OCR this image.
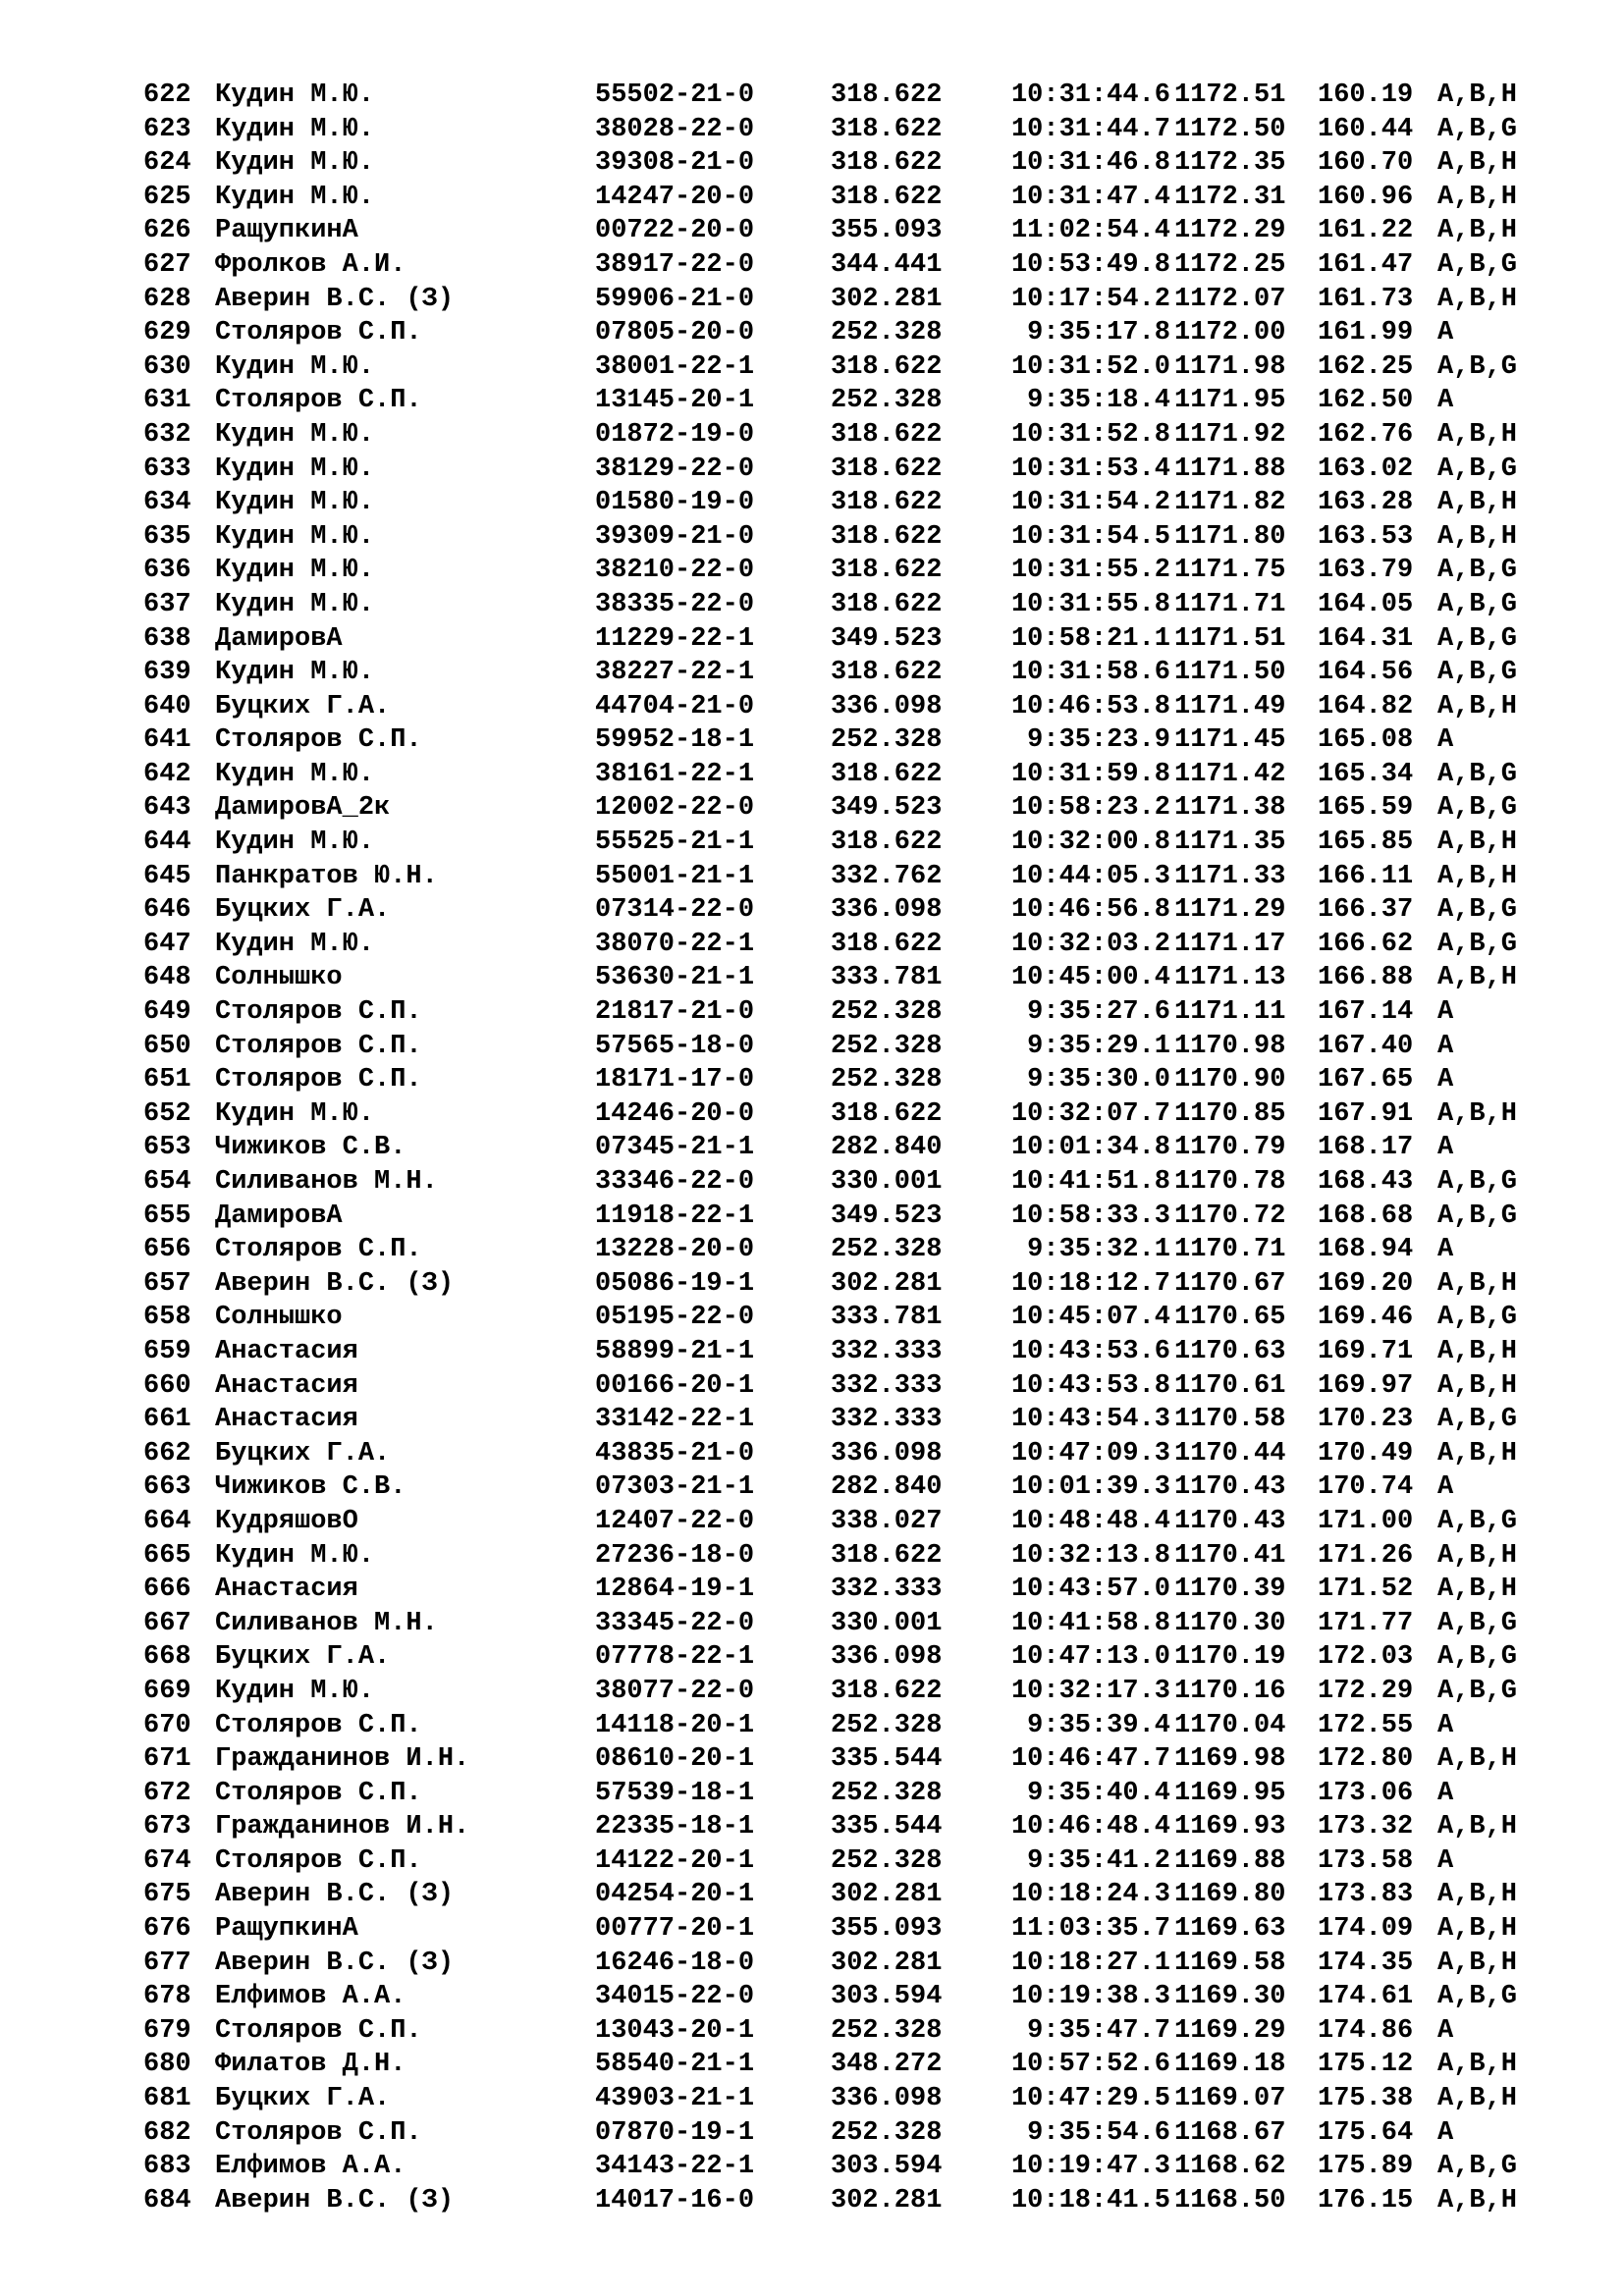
622 Кудин М.Ю.	55502-21-0	318.622	10:31:44.6 1172.51 160.19 A,B,H
623 Кудин М.Ю.	38028-22-0	318.622	10:31:44.7 1172.50 160.44 A,B,G
624 Кудин М.Ю.	39308-21-0	318.622	10:31:46.8 1172.35 160.70 A,B,H
625 Кудин М.Ю.	14247-20-0	318.622	10:31:47.4 1172.31 160.96 A,B,H
626 РащупкинА	00722-20-0	355.093	11:02:54.4 1172.29 161.22 A,B,H
627 Фролков А.И.	38917-22-0	344.441	10:53:49.8 1172.25 161.47 A,B,G
628 Аверин В.С. (З)	59906-21-0	302.281	10:17:54.2 1172.07 161.73 A,B,H
629 Столяров С.П.	07805-20-0	252.328	9:35:17.8 1172.00 161.99 A
630 Кудин М.Ю.	38001-22-1	318.622	10:31:52.0 1171.98 162.25 A,B,G
631 Столяров С.П.	13145-20-1	252.328	9:35:18.4 1171.95 162.50 A
632 Кудин М.Ю.	01872-19-0	318.622	10:31:52.8 1171.92 162.76 A,B,H
633 Кудин М.Ю.	38129-22-0	318.622	10:31:53.4 1171.88 163.02 A,B,G
634 Кудин М.Ю.	01580-19-0	318.622	10:31:54.2 1171.82 163.28 A,B,H
635 Кудин М.Ю.	39309-21-0	318.622	10:31:54.5 1171.80 163.53 A,B,H
636 Кудин М.Ю.	38210-22-0	318.622	10:31:55.2 1171.75 163.79 A,B,G
637 Кудин М.Ю.	38335-22-0	318.622	10:31:55.8 1171.71 164.05 A,B,G
638 ДамировА	11229-22-1	349.523	10:58:21.1 1171.51 164.31 A,B,G
639 Кудин М.Ю.	38227-22-1	318.622	10:31:58.6 1171.50 164.56 A,B,G
640 Буцких Г.А.	44704-21-0	336.098	10:46:53.8 1171.49 164.82 A,B,H
641 Столяров С.П.	59952-18-1	252.328	9:35:23.9 1171.45 165.08 A
642 Кудин М.Ю.	38161-22-1	318.622	10:31:59.8 1171.42 165.34 A,B,G
643 ДамировА_2к	12002-22-0	349.523	10:58:23.2 1171.38 165.59 A,B,G
644 Кудин М.Ю.	55525-21-1	318.622	10:32:00.8 1171.35 165.85 A,B,H
645 Панкратов Ю.Н.	55001-21-1	332.762	10:44:05.3 1171.33 166.11 A,B,H
646 Буцких Г.А.	07314-22-0	336.098	10:46:56.8 1171.29 166.37 A,B,G
647 Кудин М.Ю.	38070-22-1	318.622	10:32:03.2 1171.17 166.62 A,B,G
648 Солнышко	53630-21-1	333.781	10:45:00.4 1171.13 166.88 A,B,H
649 Столяров С.П.	21817-21-0	252.328	9:35:27.6 1171.11 167.14 A
650 Столяров С.П.	57565-18-0	252.328	9:35:29.1 1170.98 167.40 A
651 Столяров С.П.	18171-17-0	252.328	9:35:30.0 1170.90 167.65 A
652 Кудин М.Ю.	14246-20-0	318.622	10:32:07.7 1170.85 167.91 A,B,H
653 Чижиков С.В.	07345-21-1	282.840	10:01:34.8 1170.79 168.17 A
654 Силиванов М.Н.	33346-22-0	330.001	10:41:51.8 1170.78 168.43 A,B,G
655 ДамировА	11918-22-1	349.523	10:58:33.3 1170.72 168.68 A,B,G
656 Столяров С.П.	13228-20-0	252.328	9:35:32.1 1170.71 168.94 A
657 Аверин В.С. (З)	05086-19-1	302.281	10:18:12.7 1170.67 169.20 A,B,H
658 Солнышко	05195-22-0	333.781	10:45:07.4 1170.65 169.46 A,B,G
659 Анастасия	58899-21-1	332.333	10:43:53.6 1170.63 169.71 A,B,H
660 Анастасия	00166-20-1	332.333	10:43:53.8 1170.61 169.97 A,B,H
661 Анастасия	33142-22-1	332.333	10:43:54.3 1170.58 170.23 A,B,G
662 Буцких Г.А.	43835-21-0	336.098	10:47:09.3 1170.44 170.49 A,B,H
663 Чижиков С.В.	07303-21-1	282.840	10:01:39.3 1170.43 170.74 A
664 КудряшовО	12407-22-0	338.027	10:48:48.4 1170.43 171.00 A,B,G
665 Кудин М.Ю.	27236-18-0	318.622	10:32:13.8 1170.41 171.26 A,B,H
666 Анастасия	12864-19-1	332.333	10:43:57.0 1170.39 171.52 A,B,H
667 Силиванов М.Н.	33345-22-0	330.001	10:41:58.8 1170.30 171.77 A,B,G
668 Буцких Г.А.	07778-22-1	336.098	10:47:13.0 1170.19 172.03 A,B,G
669 Кудин М.Ю.	38077-22-0	318.622	10:32:17.3 1170.16 172.29 A,B,G
670 Столяров С.П.	14118-20-1	252.328	9:35:39.4 1170.04 172.55 A
671 Гражданинов И.Н.	08610-20-1	335.544	10:46:47.7 1169.98 172.80 A,B,H
672 Столяров С.П.	57539-18-1	252.328	9:35:40.4 1169.95 173.06 A
673 Гражданинов И.Н.	22335-18-1	335.544	10:46:48.4 1169.93 173.32 A,B,H
674 Столяров С.П.	14122-20-1	252.328	9:35:41.2 1169.88 173.58 A
675 Аверин В.С. (З)	04254-20-1	302.281	10:18:24.3 1169.80 173.83 A,B,H
676 РащупкинА	00777-20-1	355.093	11:03:35.7 1169.63 174.09 A,B,H
677 Аверин В.С. (З)	16246-18-0	302.281	10:18:27.1 1169.58 174.35 A,B,H
678 Елфимов А.А.	34015-22-0	303.594	10:19:38.3 1169.30 174.61 A,B,G
679 Столяров С.П.	13043-20-1	252.328	9:35:47.7 1169.29 174.86 A
680 Филатов Д.Н.	58540-21-1	348.272	10:57:52.6 1169.18 175.12 A,B,H
681 Буцких Г.А.	43903-21-1	336.098	10:47:29.5 1169.07 175.38 A,B,H
682 Столяров С.П.	07870-19-1	252.328	9:35:54.6 1168.67 175.64 A
683 Елфимов А.А.	34143-22-1	303.594	10:19:47.3 1168.62 175.89 A,B,G
684 Аверин В.С. (З)	14017-16-0	302.281	10:18:41.5 1168.50 176.15 A,B,H
